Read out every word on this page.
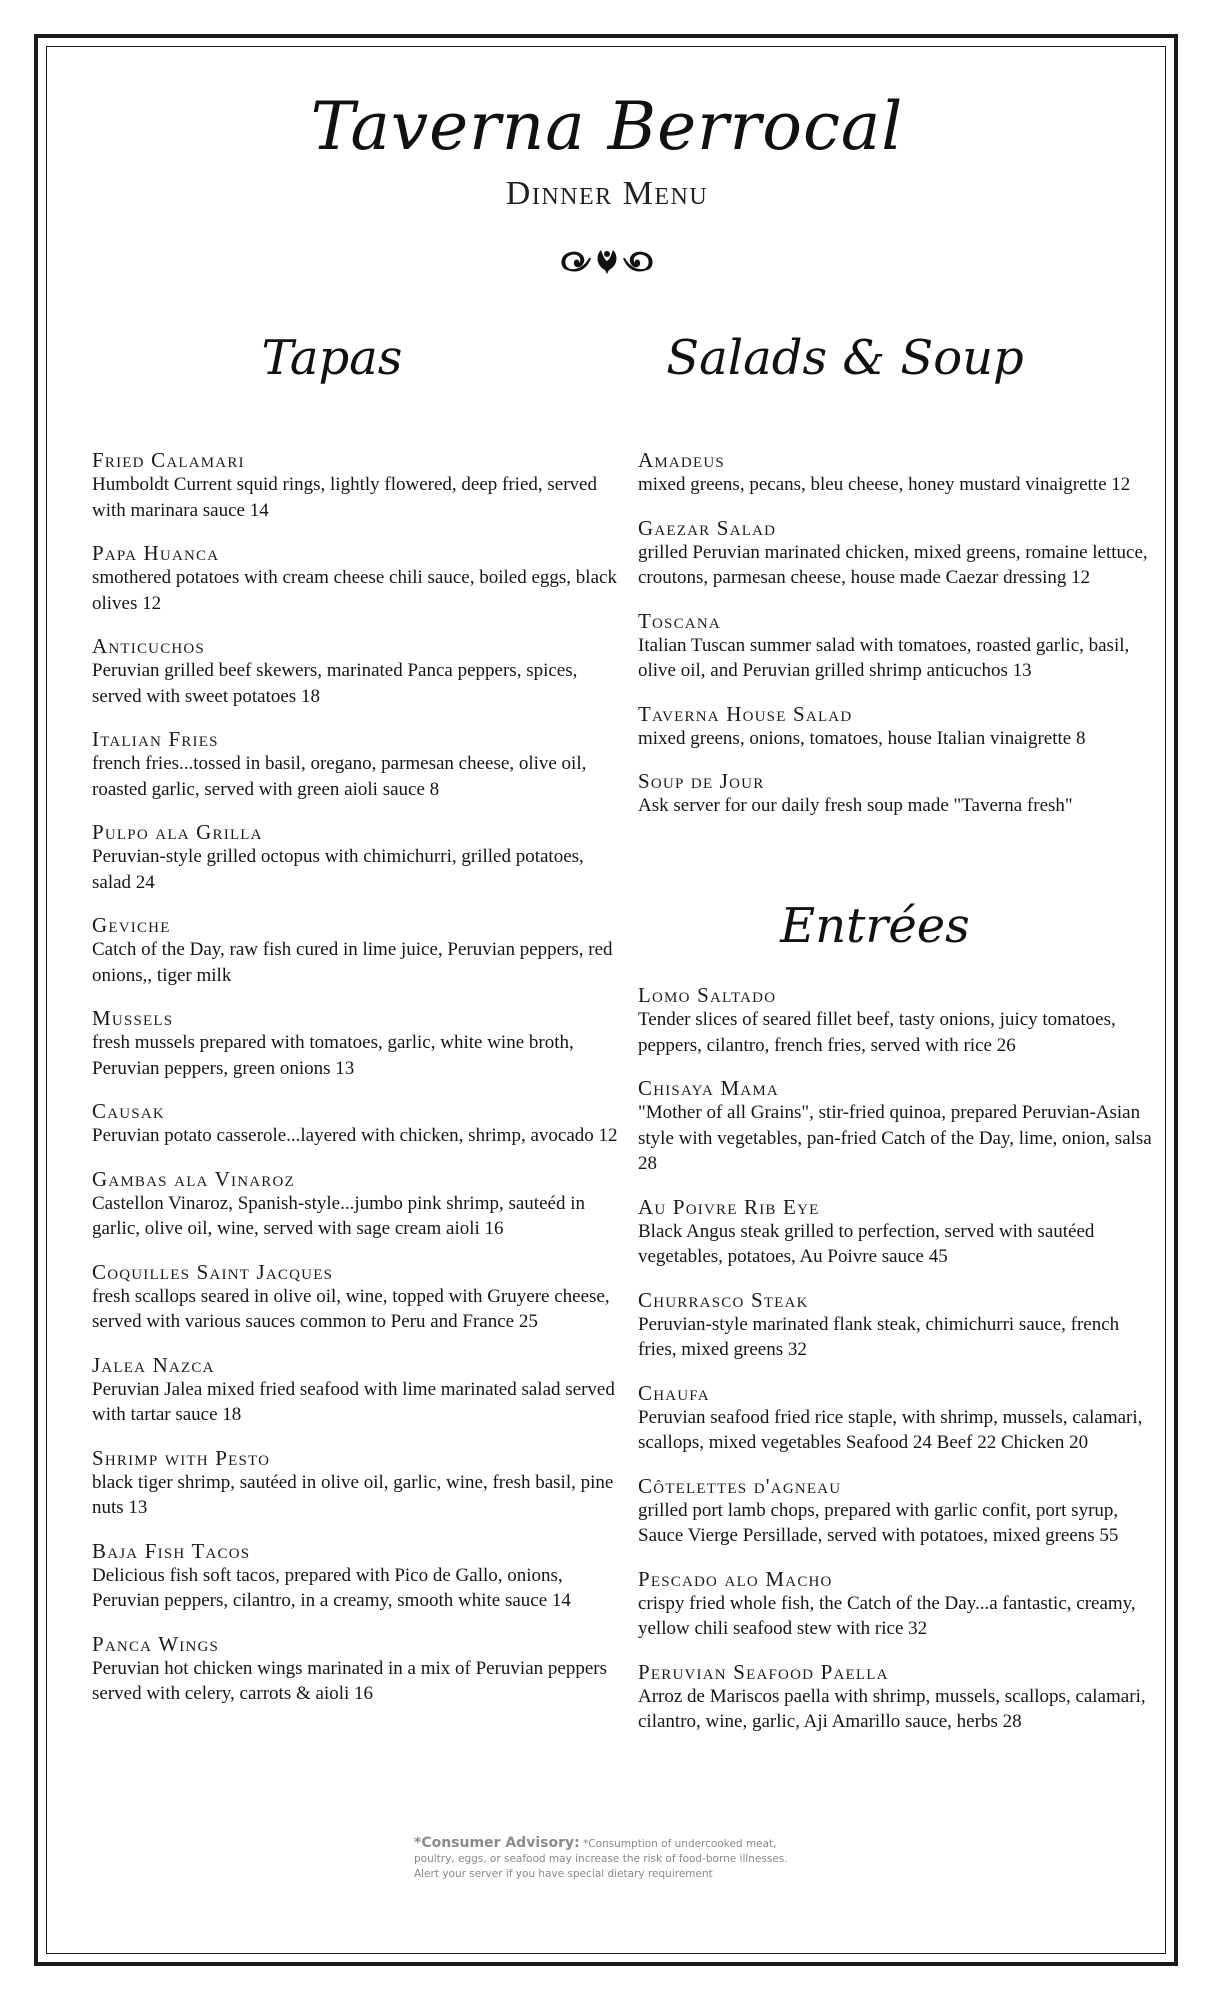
Taverna Berrocal
Dinner Menu
Tapas	Salads & Soup
Fried Calamari
Humboldt Current squid rings, lightly flowered, deep fried, served with marinara sauce 14
Papa Huanca
smothered potatoes with cream cheese chili sauce, boiled eggs, black olives 12
Anticuchos
Peruvian grilled beef skewers, marinated Panca peppers, spices, served with sweet potatoes 18
Italian Fries
french fries...tossed in basil, oregano, parmesan cheese, olive oil, roasted garlic, served with green aioli sauce 8
Pulpo ala Grilla
Peruvian-style grilled octopus with chimichurri, grilled potatoes, salad 24
Geviche
Catch of the Day, raw fish cured in lime juice, Peruvian peppers, red onions,, tiger milk
Mussels
fresh mussels prepared with tomatoes, garlic, white wine broth, Peruvian peppers, green onions 13
Causak
Peruvian potato casserole...layered with chicken, shrimp, avocado 12
Gambas ala Vinaroz
Castellon Vinaroz, Spanish-style...jumbo pink shrimp, sauteéd in garlic, olive oil, wine, served with sage cream aioli 16
Coquilles Saint Jacques
fresh scallops seared in olive oil, wine, topped with Gruyere cheese, served with various sauces common to Peru and France 25
Jalea Nazca
Peruvian Jalea mixed fried seafood with lime marinated salad served with tartar sauce 18
Shrimp with Pesto
black tiger shrimp, sautéed in olive oil, garlic, wine, fresh basil, pine nuts 13
Baja Fish Tacos
Delicious fish soft tacos, prepared with Pico de Gallo, onions, Peruvian peppers, cilantro, in a creamy, smooth white sauce 14
Panca Wings
Peruvian hot chicken wings marinated in a mix of Peruvian peppers served with celery, carrots & aioli 16
Amadeus
mixed greens, pecans, bleu cheese, honey mustard vinaigrette 12
Gaezar Salad
grilled Peruvian marinated chicken, mixed greens, romaine lettuce, croutons, parmesan cheese, house made Caezar dressing 12
Toscana
Italian Tuscan summer salad with tomatoes, roasted garlic, basil, olive oil, and Peruvian grilled shrimp anticuchos 13
Taverna House Salad
mixed greens, onions, tomatoes, house Italian vinaigrette 8
Soup de Jour
Ask server for our daily fresh soup made "Taverna fresh"
Entrées
Lomo Saltado
Tender slices of seared fillet beef, tasty onions, juicy tomatoes, peppers, cilantro, french fries, served with rice 26
Chisaya Mama
"Mother of all Grains", stir-fried quinoa, prepared Peruvian-Asian style with vegetables, pan-fried Catch of the Day, lime, onion, salsa 28
Au Poivre Rib Eye
Black Angus steak grilled to perfection, served with sautéed vegetables, potatoes, Au Poivre sauce 45
Churrasco Steak
Peruvian-style marinated flank steak, chimichurri sauce, french fries, mixed greens 32
Chaufa
Peruvian seafood fried rice staple, with shrimp, mussels, calamari, scallops, mixed vegetables Seafood 24 Beef 22 Chicken 20
Côtelettes d'agneau
grilled port lamb chops, prepared with garlic confit, port syrup, Sauce Vierge Persillade, served with potatoes, mixed greens 55
Pescado alo Macho
crispy fried whole fish, the Catch of the Day...a fantastic, creamy, yellow chili seafood stew with rice 32
Peruvian Seafood Paella
Arroz de Mariscos paella with shrimp, mussels, scallops, calamari, cilantro, wine, garlic, Aji Amarillo sauce, herbs 28
*Consumer Advisory: *Consumption of undercooked meat, poultry, eggs, or seafood may increase the risk of food-borne illnesses. Alert your server if you have special dietary requirement
